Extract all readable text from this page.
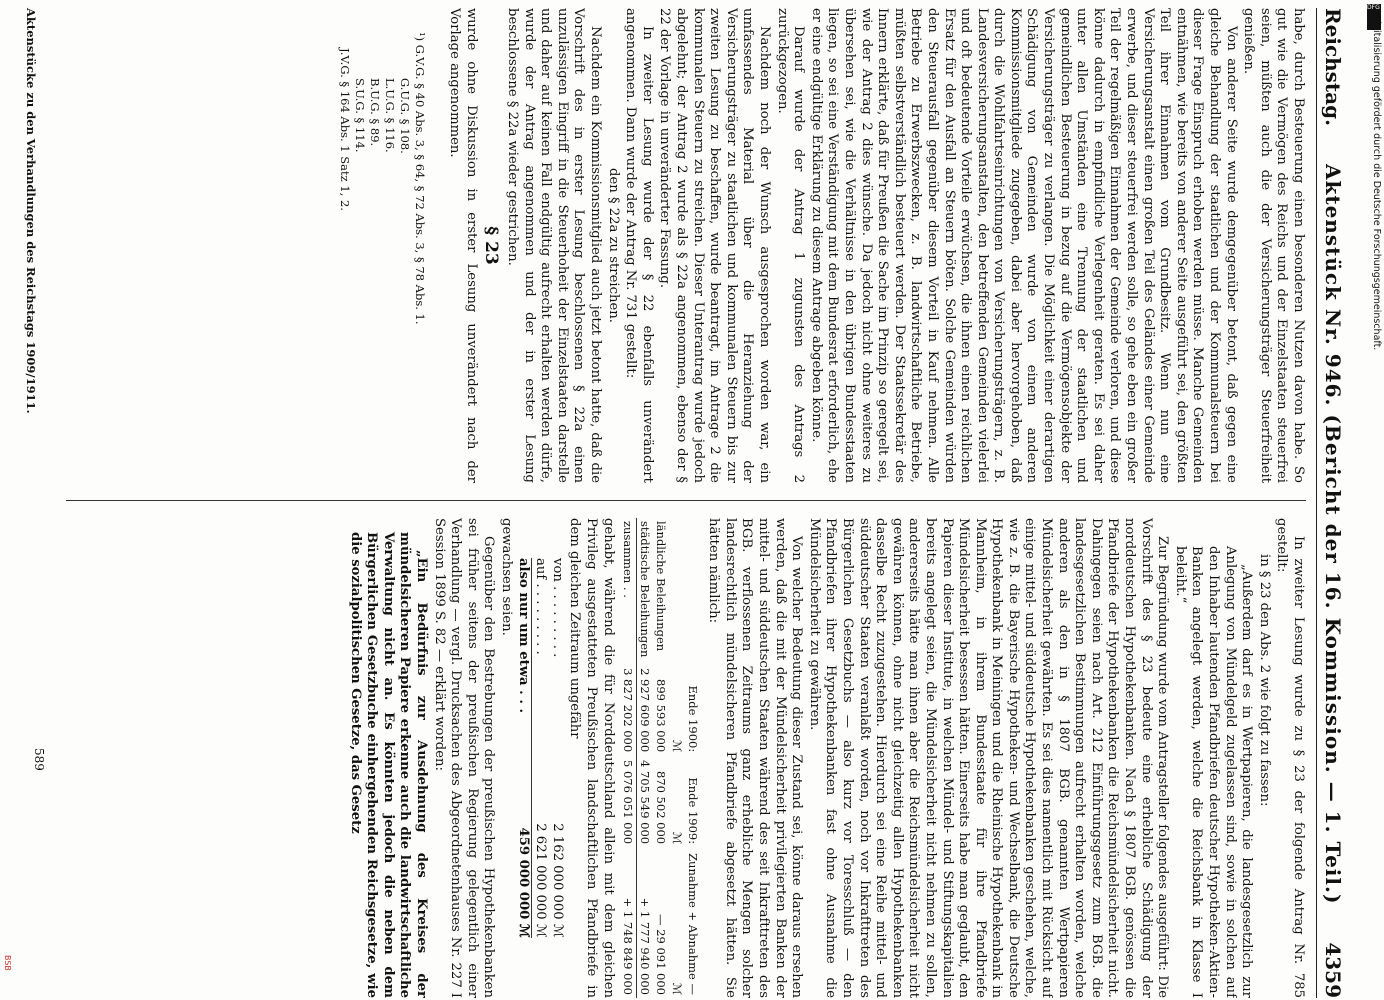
Reichstag.
Aktenstück Nr. 946. (Bericht der 16. Kommission. — 1. Teil.)
4359

habe, durch Besteuerung einen besonderen Nutzen davon habe. So gut wie die Vermögen des Reichs und der Einzelstaaten steuerfrei seien, müßten auch die der Versicherungsträger Steuerfreiheit genießen.

Von anderer Seite wurde demgegenüber betont, daß gegen eine gleiche Behandlung der staatlichen und der Kommunalsteuern bei dieser Frage Einspruch erhoben werden müsse. Manche Gemeinden entnähmen, wie bereits von anderer Seite ausgeführt sei, den größten Teil ihrer Einnahmen vom Grundbesitz. Wenn nun eine Versicherungsanstalt einen großen Teil des Geländes einer Gemeinde erwerbe, und dieser steuerfrei werden solle, so gehe eben ein großer Teil der regelmäßigen Einnahmen der Gemeinde verloren, und diese könne dadurch in empfindliche Verlegenheit geraten. Es sei daher unter allen Umständen eine Trennung der staatlichen und gemeindlichen Besteuerung in bezug auf die Vermögensobjekte der Versicherungsträger zu verlangen. Die Möglichkeit einer derartigen Schädigung von Gemeinden wurde von einem anderen Kommissionsmitgliede zugegeben, dabei aber hervorgehoben, daß durch die Wohlfahrtseinrichtungen von Versicherungsträgern, z. B. Landesversicherungsanstalten, den betreffenden Gemeinden vielerlei und oft bedeutende Vorteile erwüchsen, die ihnen einen reichlichen Ersatz für den Ausfall an Steuern böten. Solche Gemeinden würden den Steuerausfall gegenüber diesem Vorteil in Kauf nehmen. Alle Betriebe zu Erwerbszwecken, z. B. landwirtschaftliche Betriebe, müßten selbstverständlich besteuert werden. Der Staatssekretär des Innern erklärte, daß für Preußen die Sache im Prinzip so geregelt sei, wie der Antrag 2 dies wünsche. Da jedoch nicht ohne weiteres zu übersehen sei, wie die Verhältnisse in den übrigen Bundesstaaten liegen, so sei eine Verständigung mit dem Bundesrat erforderlich, ehe er eine endgültige Erklärung zu diesem Antrage abgeben könne.

Darauf wurde der Antrag 1 zugunsten des Antrags 2 zurückgezogen.

Nachdem noch der Wunsch ausgesprochen worden war, ein umfassendes Material über die Heranziehung der Versicherungsträger zu staatlichen und kommunalen Steuern bis zur zweiten Lesung zu beschaffen, wurde beantragt, im Antrage 2 die kommunalen Steuern zu streichen. Dieser Unterantrag wurde jedoch abgelehnt; der Antrag 2 wurde als § 22a angenommen, ebenso der § 22 der Vorlage in unveränderter Fassung.

In zweiter Lesung wurde der § 22 ebenfalls unverändert angenommen. Dann wurde der Antrag Nr. 731 gestellt:

den § 22a zu streichen.

Nachdem ein Kommissionsmitglied auch jetzt betont hatte, daß die Vorschrift des in erster Lesung beschlossenen § 22a einen unzulässigen Eingriff in die Steuerhoheit der Einzelstaaten darstelle und daher auf keinen Fall endgültig aufrecht erhalten werden dürfe, wurde der Antrag angenommen und der in erster Lesung beschlossene § 22a wieder gestrichen.

§ 23

wurde ohne Diskussion in erster Lesung unverändert nach der Vorlage angenommen.

¹) G.V.G. § 40 Abs. 3, § 64, § 72 Abs. 3, § 78 Abs. 1.

G.U.G. § 108.

L.U.G. § 116.

B.U.G. § 89.

S.U.G. § 114.

J.V.G. § 164 Abs. 1 Satz 1, 2.

In zweiter Lesung wurde zu § 23 der folgende Antrag Nr. 785 gestellt:

in § 23 den Abs. 2 wie folgt zu fassen:

„Außerdem darf es in Wertpapieren, die landesgesetzlich zur Anlegung von Mündelgeld zugelassen sind, sowie in solchen auf den Inhaber lautenden Pfandbriefen deutscher Hypotheken-Aktien-Banken angelegt werden, welche die Reichsbank in Klasse I beleiht.“

Zur Begründung wurde vom Antragsteller folgendes ausgeführt: Die Vorschrift des § 23 bedeute eine erhebliche Schädigung der norddeutschen Hypothekenbanken. Nach § 1807 BGB. genössen die Pfandbriefe der Hypothekenbanken die Reichsmündelsicherheit nicht. Dahingegen seien nach Art. 212 Einführungsgesetz zum BGB. die landesgesetzlichen Bestimmungen aufrecht erhalten worden, welche anderen als den in § 1807 BGB. genannten Wertpapieren Mündelsicherheit gewährten. Es sei dies namentlich mit Rücksicht auf einige mittel- und süddeutsche Hypothekenbanken geschehen, welche, wie z. B. die Bayerische Hypotheken- und Wechselbank, die Deutsche Hypothekenbank in Meiningen und die Rheinische Hypothekenbank in Mannheim, in ihrem Bundesstaate für ihre Pfandbriefe Mündelsicherheit besessen hätten. Einerseits habe man geglaubt, den Papieren dieser Institute, in welchen Mündel- und Stiftungskapitalien bereits angelegt seien, die Mündelsicherheit nicht nehmen zu sollen, andererseits hätte man ihnen aber die Reichsmündelsicherheit nicht gewähren können, ohne nicht gleichzeitig allen Hypothekenbanken dasselbe Recht zuzugestehen. Hierdurch sei eine Reihe mittel- und süddeutscher Staaten veranlaßt worden, noch vor Inkrafttreten des Bürgerlichen Gesetzbuchs — also kurz vor Toresschluß — den Pfandbriefen ihrer Hypothekenbanken fast ohne Ausnahme die Mündelsicherheit zu gewähren.

Von welcher Bedeutung dieser Zustand sei, könne daraus ersehen werden, daß die mit der Mündelsicherheit privilegierten Banken der mittel- und süddeutschen Staaten während des seit Inkrafttreten des BGB. verflossenen Zeitraums ganz erhebliche Mengen solcher landesrechtlich mündelsicheren Pfandbriefe abgesetzt hätten. Sie hätten nämlich:

	Ende 1900:	Ende 1909:	Zunahme + Abnahme —
	ℳ	ℳ	ℳ
ländliche Beleihungen	899 593 000	870 502 000	— 29 091 000
städtische Beleihungen	2 927 609 000	4 705 549 000	+ 1 777 940 000
zusammen . .	3 827 202 000	5 076 051 000	+ 1 748 849 000

gehabt, während die für Norddeutschland allein mit dem gleichen Privileg ausgestatteten Preußischen landschaftlichen Pfandbriefe in dem gleichen Zeitraum ungefähr

von . . . . . . . . .
2 162 000 000 ℳ
auf . . . . . . . . .
2 621 000 000 ℳ
also nur um etwa . . .
459 000 000 ℳ

gewachsen seien.

Gegenüber den Bestrebungen der preußischen Hypothekenbanken sei früher seitens der preußischen Regierung gelegentlich einer Verhandlung — vergl. Drucksachen des Abgeordnetenhauses Nr. 227 I Session 1899 S. 82 — erklärt worden:

„Ein Bedürfnis zur Ausdehnung des Kreises der mündelsicheren Papiere erkenne auch die landwirtschaftliche Verwaltung nicht an. Es könnten jedoch die neben dem Bürgerlichen Gesetzbuche einhergehenden Reichsgesetze, wie die sozialpolitischen Gesetze, das Gesetz

Aktenstücke zu den Verhandlungen des Reichstags 1909/1911.
589
DFG
Digitalisierung gefördert durch die Deutsche Forschungsgemeinschaft.
BSB
